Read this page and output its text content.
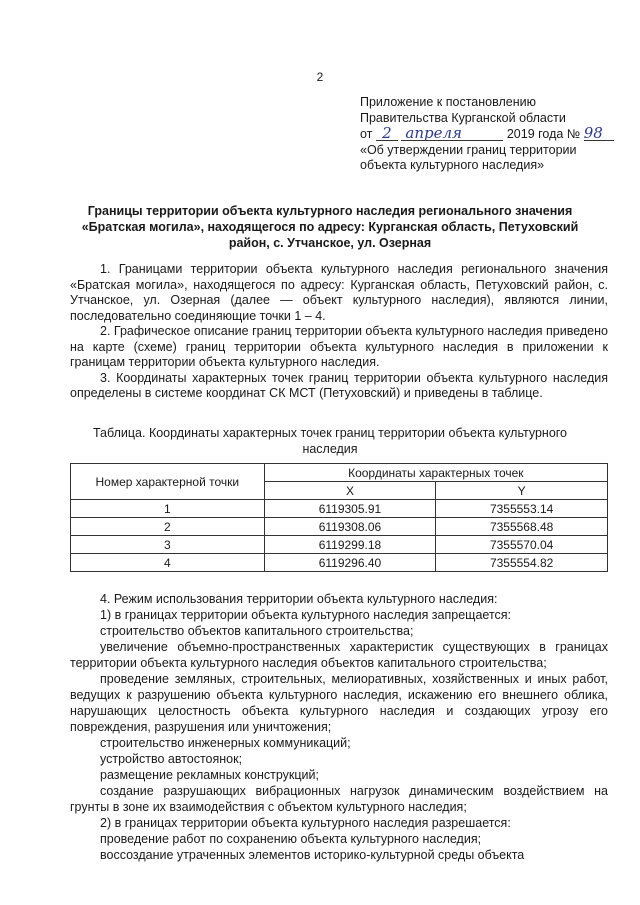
2
Приложение к постановлению
Правительства Курганской области
от 2 апреля	2019 года № 98
«Об утверждении границ территории
объекта культурного наследия»
Границы территории объекта культурного наследия регионального значения «Братская могила», находящегося по адресу: Курганская область, Петуховский район, с. Утчанское, ул. Озерная

1. Границами территории объекта культурного наследия регионального значения «Братская могила», находящегося по адресу: Курганская область, Петуховский район, с. Утчанское, ул. Озерная (далее — объект культурного наследия), являются линии, последовательно соединяющие точки 1 – 4.

2. Графическое описание границ территории объекта культурного наследия приведено на карте (схеме) границ территории объекта культурного наследия в приложении к границам территории объекта культурного наследия.

3. Координаты характерных точек границ территории объекта культурного наследия определены в системе координат СК МСТ (Петуховский) и приведены в таблице.

Таблица. Координаты характерных точек границ территории объекта культурного наследия
Номер характерной точки	Координаты характерных точек	
	X	Y
1	6119305.91	7355553.14
2	6119308.06	7355568.48
3	6119299.18	7355570.04
4	6119296.40	7355554.82

4. Режим использования территории объекта культурного наследия:

1) в границах территории объекта культурного наследия запрещается:

строительство объектов капитального строительства;

увеличение объемно-пространственных характеристик существующих в границах территории объекта культурного наследия объектов капитального строительства;

проведение земляных, строительных, мелиоративных, хозяйственных и иных работ, ведущих к разрушению объекта культурного наследия, искажению его внешнего облика, нарушающих целостность объекта культурного наследия и создающих угрозу его повреждения, разрушения или уничтожения;

строительство инженерных коммуникаций;

устройство автостоянок;

размещение рекламных конструкций;

создание разрушающих вибрационных нагрузок динамическим воздействием на грунты в зоне их взаимодействия с объектом культурного наследия;

2) в границах территории объекта культурного наследия разрешается:

проведение работ по сохранению объекта культурного наследия;

воссоздание утраченных элементов историко-культурной среды объекта
